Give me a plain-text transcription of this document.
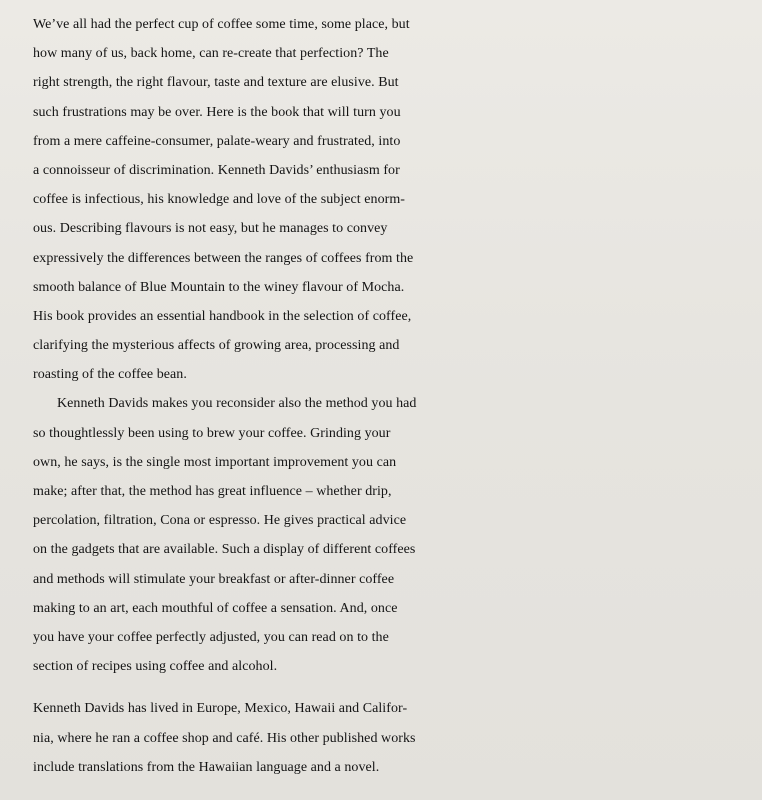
We’ve all had the perfect cup of coffee some time, some place, but
how many of us, back home, can re-create that perfection? The
right strength, the right flavour, taste and texture are elusive. But
such frustrations may be over. Here is the book that will turn you
from a mere caffeine-consumer, palate-weary and frustrated, into
a connoisseur of discrimination. Kenneth Davids’ enthusiasm for
coffee is infectious, his knowledge and love of the subject enorm-
ous. Describing flavours is not easy, but he manages to convey
expressively the differences between the ranges of coffees from the
smooth balance of Blue Mountain to the winey flavour of Mocha.
His book provides an essential handbook in the selection of coffee,
clarifying the mysterious affects of growing area, processing and
roasting of the coffee bean.
Kenneth Davids makes you reconsider also the method you had
so thoughtlessly been using to brew your coffee. Grinding your
own, he says, is the single most important improvement you can
make; after that, the method has great influence – whether drip,
percolation, filtration, Cona or espresso. He gives practical advice
on the gadgets that are available. Such a display of different coffees
and methods will stimulate your breakfast or after-dinner coffee
making to an art, each mouthful of coffee a sensation. And, once
you have your coffee perfectly adjusted, you can read on to the
section of recipes using coffee and alcohol.
Kenneth Davids has lived in Europe, Mexico, Hawaii and Califor-
nia, where he ran a coffee shop and café. His other published works
include translations from the Hawaiian language and a novel.
